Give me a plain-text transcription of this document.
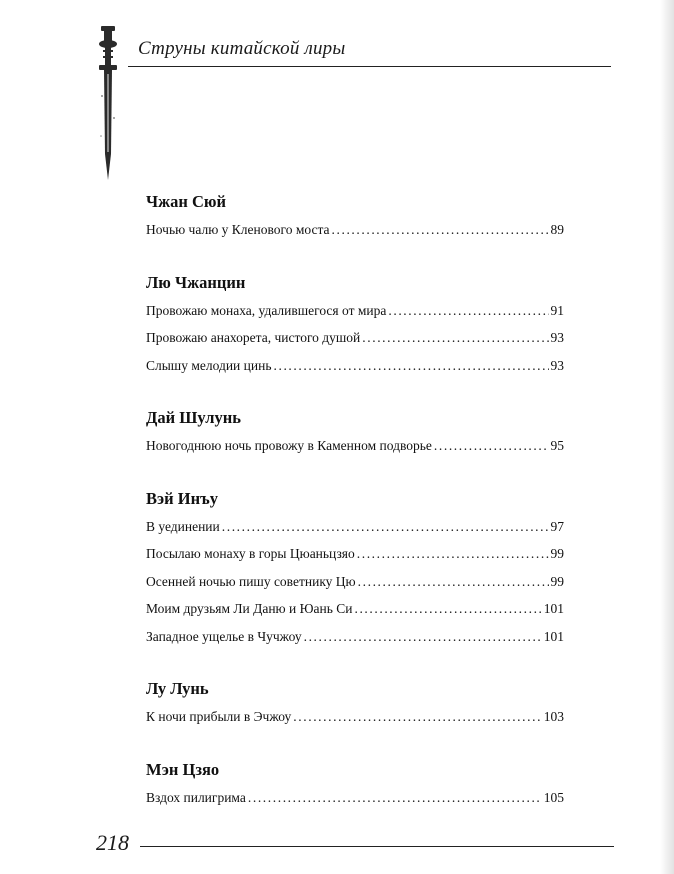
Струны китайской лиры
Чжан Сюй
Ночью чалю у Кленового моста .....	89
Лю Чжанцин
Провожаю монаха, удалившегося от мира .....	91
Провожаю анахорета, чистого душой .....	93
Слышу мелодии цинь .....	93
Дай Шулунь
Новогоднюю ночь провожу в Каменном подворье .....	95
Вэй Инъу
В уединении .....	97
Посылаю монаху в горы Цюаньцзяо .....	99
Осенней ночью пишу советнику Цю .....	99
Моим друзьям Ли Даню и Юань Си .....	101
Западное ущелье в Чучжоу .....	101
Лу Лунь
К ночи прибыли в Эчжоу .....	103
Мэн Цзяо
Вздох пилигрима .....	105
218
